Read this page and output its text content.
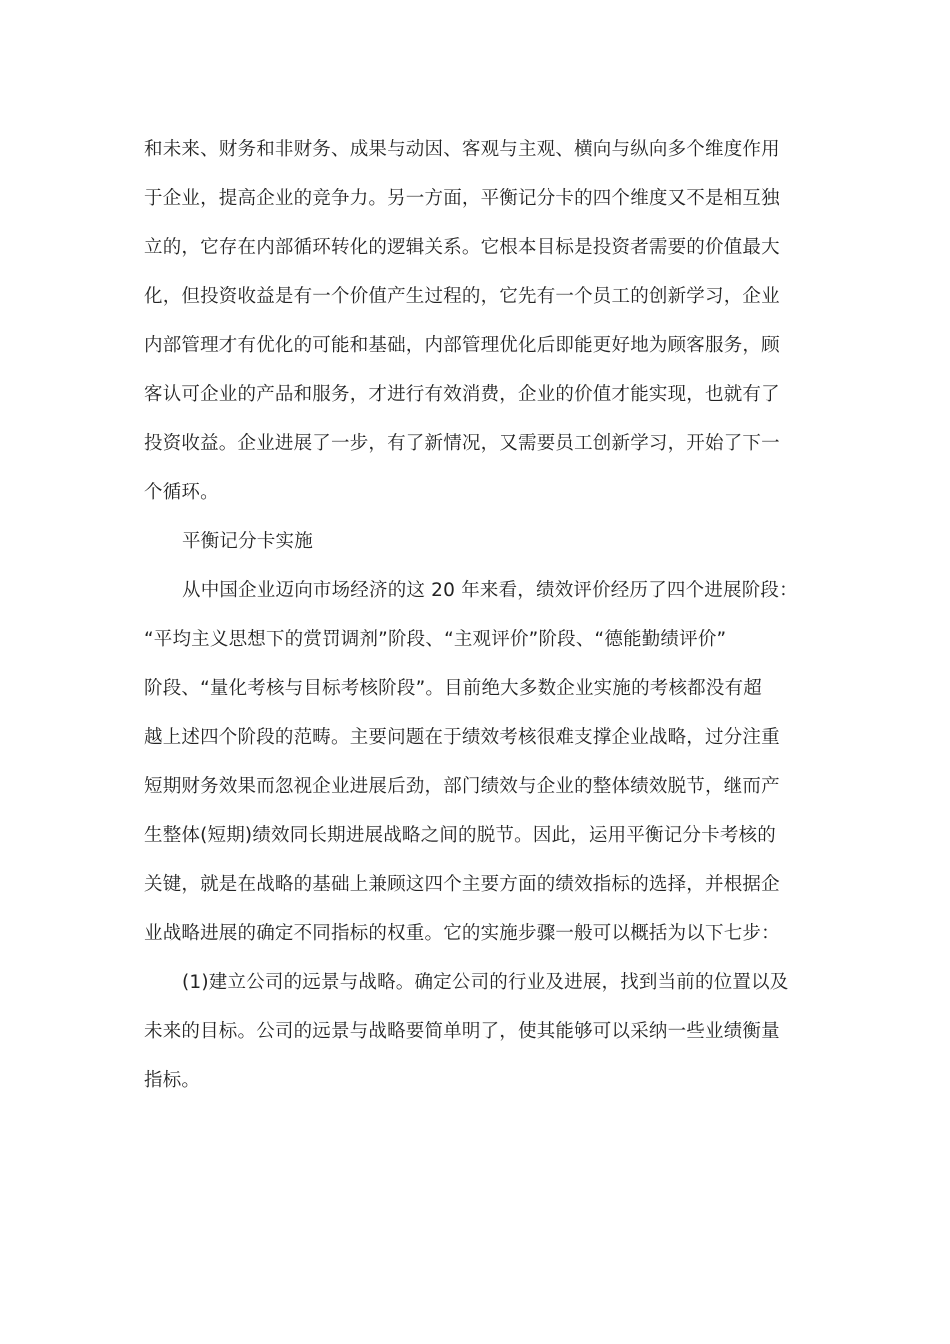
和未来、财务和非财务、成果与动因、客观与主观、横向与纵向多个维度作用
于企业，提高企业的竞争力。另一方面，平衡记分卡的四个维度又不是相互独
立的，它存在内部循环转化的逻辑关系。它根本目标是投资者需要的价值最大
化，但投资收益是有一个价值产生过程的，它先有一个员工的创新学习，企业
内部管理才有优化的可能和基础，内部管理优化后即能更好地为顾客服务，顾
客认可企业的产品和服务，才进行有效消费，企业的价值才能实现，也就有了
投资收益。企业进展了一步，有了新情况，又需要员工创新学习，开始了下一
个循环。
平衡记分卡实施
从中国企业迈向市场经济的这 20 年来看，绩效评价经历了四个进展阶段：
“平均主义思想下的赏罚调剂”阶段、“主观评价”阶段、“德能勤绩评价”
阶段、“量化考核与目标考核阶段”。目前绝大多数企业实施的考核都没有超
越上述四个阶段的范畴。主要问题在于绩效考核很难支撑企业战略，过分注重
短期财务效果而忽视企业进展后劲，部门绩效与企业的整体绩效脱节，继而产
生整体(短期)绩效同长期进展战略之间的脱节。因此，运用平衡记分卡考核的
关键，就是在战略的基础上兼顾这四个主要方面的绩效指标的选择，并根据企
业战略进展的确定不同指标的权重。它的实施步骤一般可以概括为以下七步：
(1)建立公司的远景与战略。确定公司的行业及进展，找到当前的位置以及
未来的目标。公司的远景与战略要简单明了，使其能够可以采纳一些业绩衡量
指标。
